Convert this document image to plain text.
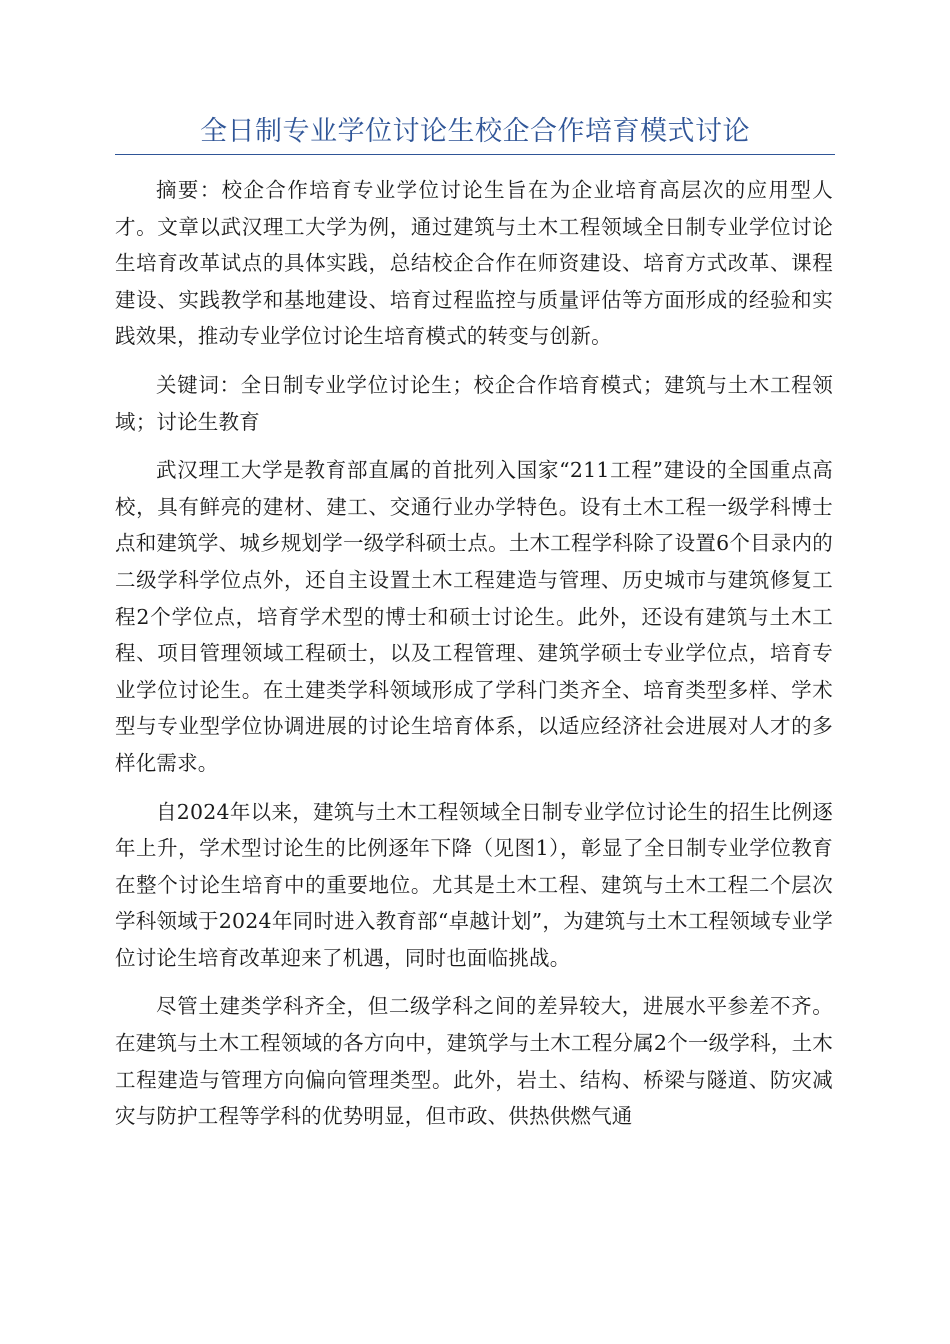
全日制专业学位讨论生校企合作培育模式讨论

摘要：校企合作培育专业学位讨论生旨在为企业培育高层次的应用型人才。文章以武汉理工大学为例，通过建筑与土木工程领域全日制专业学位讨论生培育改革试点的具体实践，总结校企合作在师资建设、培育方式改革、课程建设、实践教学和基地建设、培育过程监控与质量评估等方面形成的经验和实践效果，推动专业学位讨论生培育模式的转变与创新。

关键词：全日制专业学位讨论生；校企合作培育模式；建筑与土木工程领域；讨论生教育

武汉理工大学是教育部直属的首批列入国家“211工程”建设的全国重点高校，具有鲜亮的建材、建工、交通行业办学特色。设有土木工程一级学科博士点和建筑学、城乡规划学一级学科硕士点。土木工程学科除了设置6个目录内的二级学科学位点外，还自主设置土木工程建造与管理、历史城市与建筑修复工程2个学位点，培育学术型的博士和硕士讨论生。此外，还设有建筑与土木工程、项目管理领域工程硕士，以及工程管理、建筑学硕士专业学位点，培育专业学位讨论生。在土建类学科领域形成了学科门类齐全、培育类型多样、学术型与专业型学位协调进展的讨论生培育体系，以适应经济社会进展对人才的多样化需求。

自2024年以来，建筑与土木工程领域全日制专业学位讨论生的招生比例逐年上升，学术型讨论生的比例逐年下降（见图1），彰显了全日制专业学位教育在整个讨论生培育中的重要地位。尤其是土木工程、建筑与土木工程二个层次学科领域于2024年同时进入教育部“卓越计划”，为建筑与土木工程领域专业学位讨论生培育改革迎来了机遇，同时也面临挑战。

尽管土建类学科齐全，但二级学科之间的差异较大，进展水平参差不齐。在建筑与土木工程领域的各方向中，建筑学与土木工程分属2个一级学科，土木工程建造与管理方向偏向管理类型。此外，岩土、结构、桥梁与隧道、防灾减灾与防护工程等学科的优势明显，但市政、供热供燃气通
